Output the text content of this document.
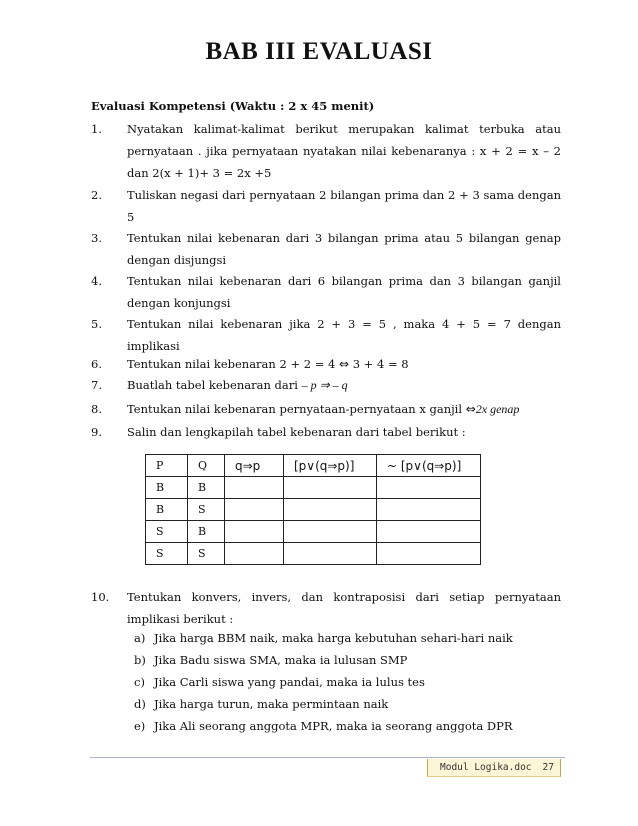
BAB III EVALUASI
Evaluasi Kompetensi (Waktu : 2 x 45 menit)
1.	Nyatakan kalimat-kalimat berikut merupakan kalimat terbuka atau pernyataan . jika pernyataan nyatakan nilai kebenaranya : x + 2 = x – 2 dan 2(x + 1)+ 3 = 2x +5
2.	Tuliskan negasi dari pernyataan 2 bilangan prima dan 2 + 3 sama dengan 5
3.	Tentukan nilai kebenaran dari 3 bilangan prima atau 5 bilangan genap dengan disjungsi
4.	Tentukan nilai kebenaran dari 6 bilangan prima dan 3 bilangan ganjil dengan konjungsi
5.	Tentukan nilai kebenaran jika 2 + 3 = 5 , maka 4 + 5 = 7 dengan implikasi
6.	Tentukan nilai kebenaran 2 + 2 = 4 ⇔ 3 + 4 = 8
7.	Buatlah tabel kebenaran dari – p ⇒ – q
8.	Tentukan nilai kebenaran pernyataan-pernyataan x ganjil ⇔2x genap
9.	Salin dan lengkapilah tabel kebenaran dari tabel berikut :
P	Q	q⇒p	[p∨(q⇒p)]	~ [p∨(q⇒p)]
B	B			
B	S			
S	B			
S	S			
10.	Tentukan konvers, invers, dan kontraposisi dari setiap pernyataan implikasi berikut :
a) Jika harga BBM naik, maka harga kebutuhan sehari-hari naik
b) Jika Badu siswa SMA, maka ia lulusan SMP
c) Jika Carli siswa yang pandai, maka ia lulus tes
d) Jika harga turun, maka permintaan naik
e) Jika Ali seorang anggota MPR, maka ia seorang anggota DPR
Modul Logika.doc 27
